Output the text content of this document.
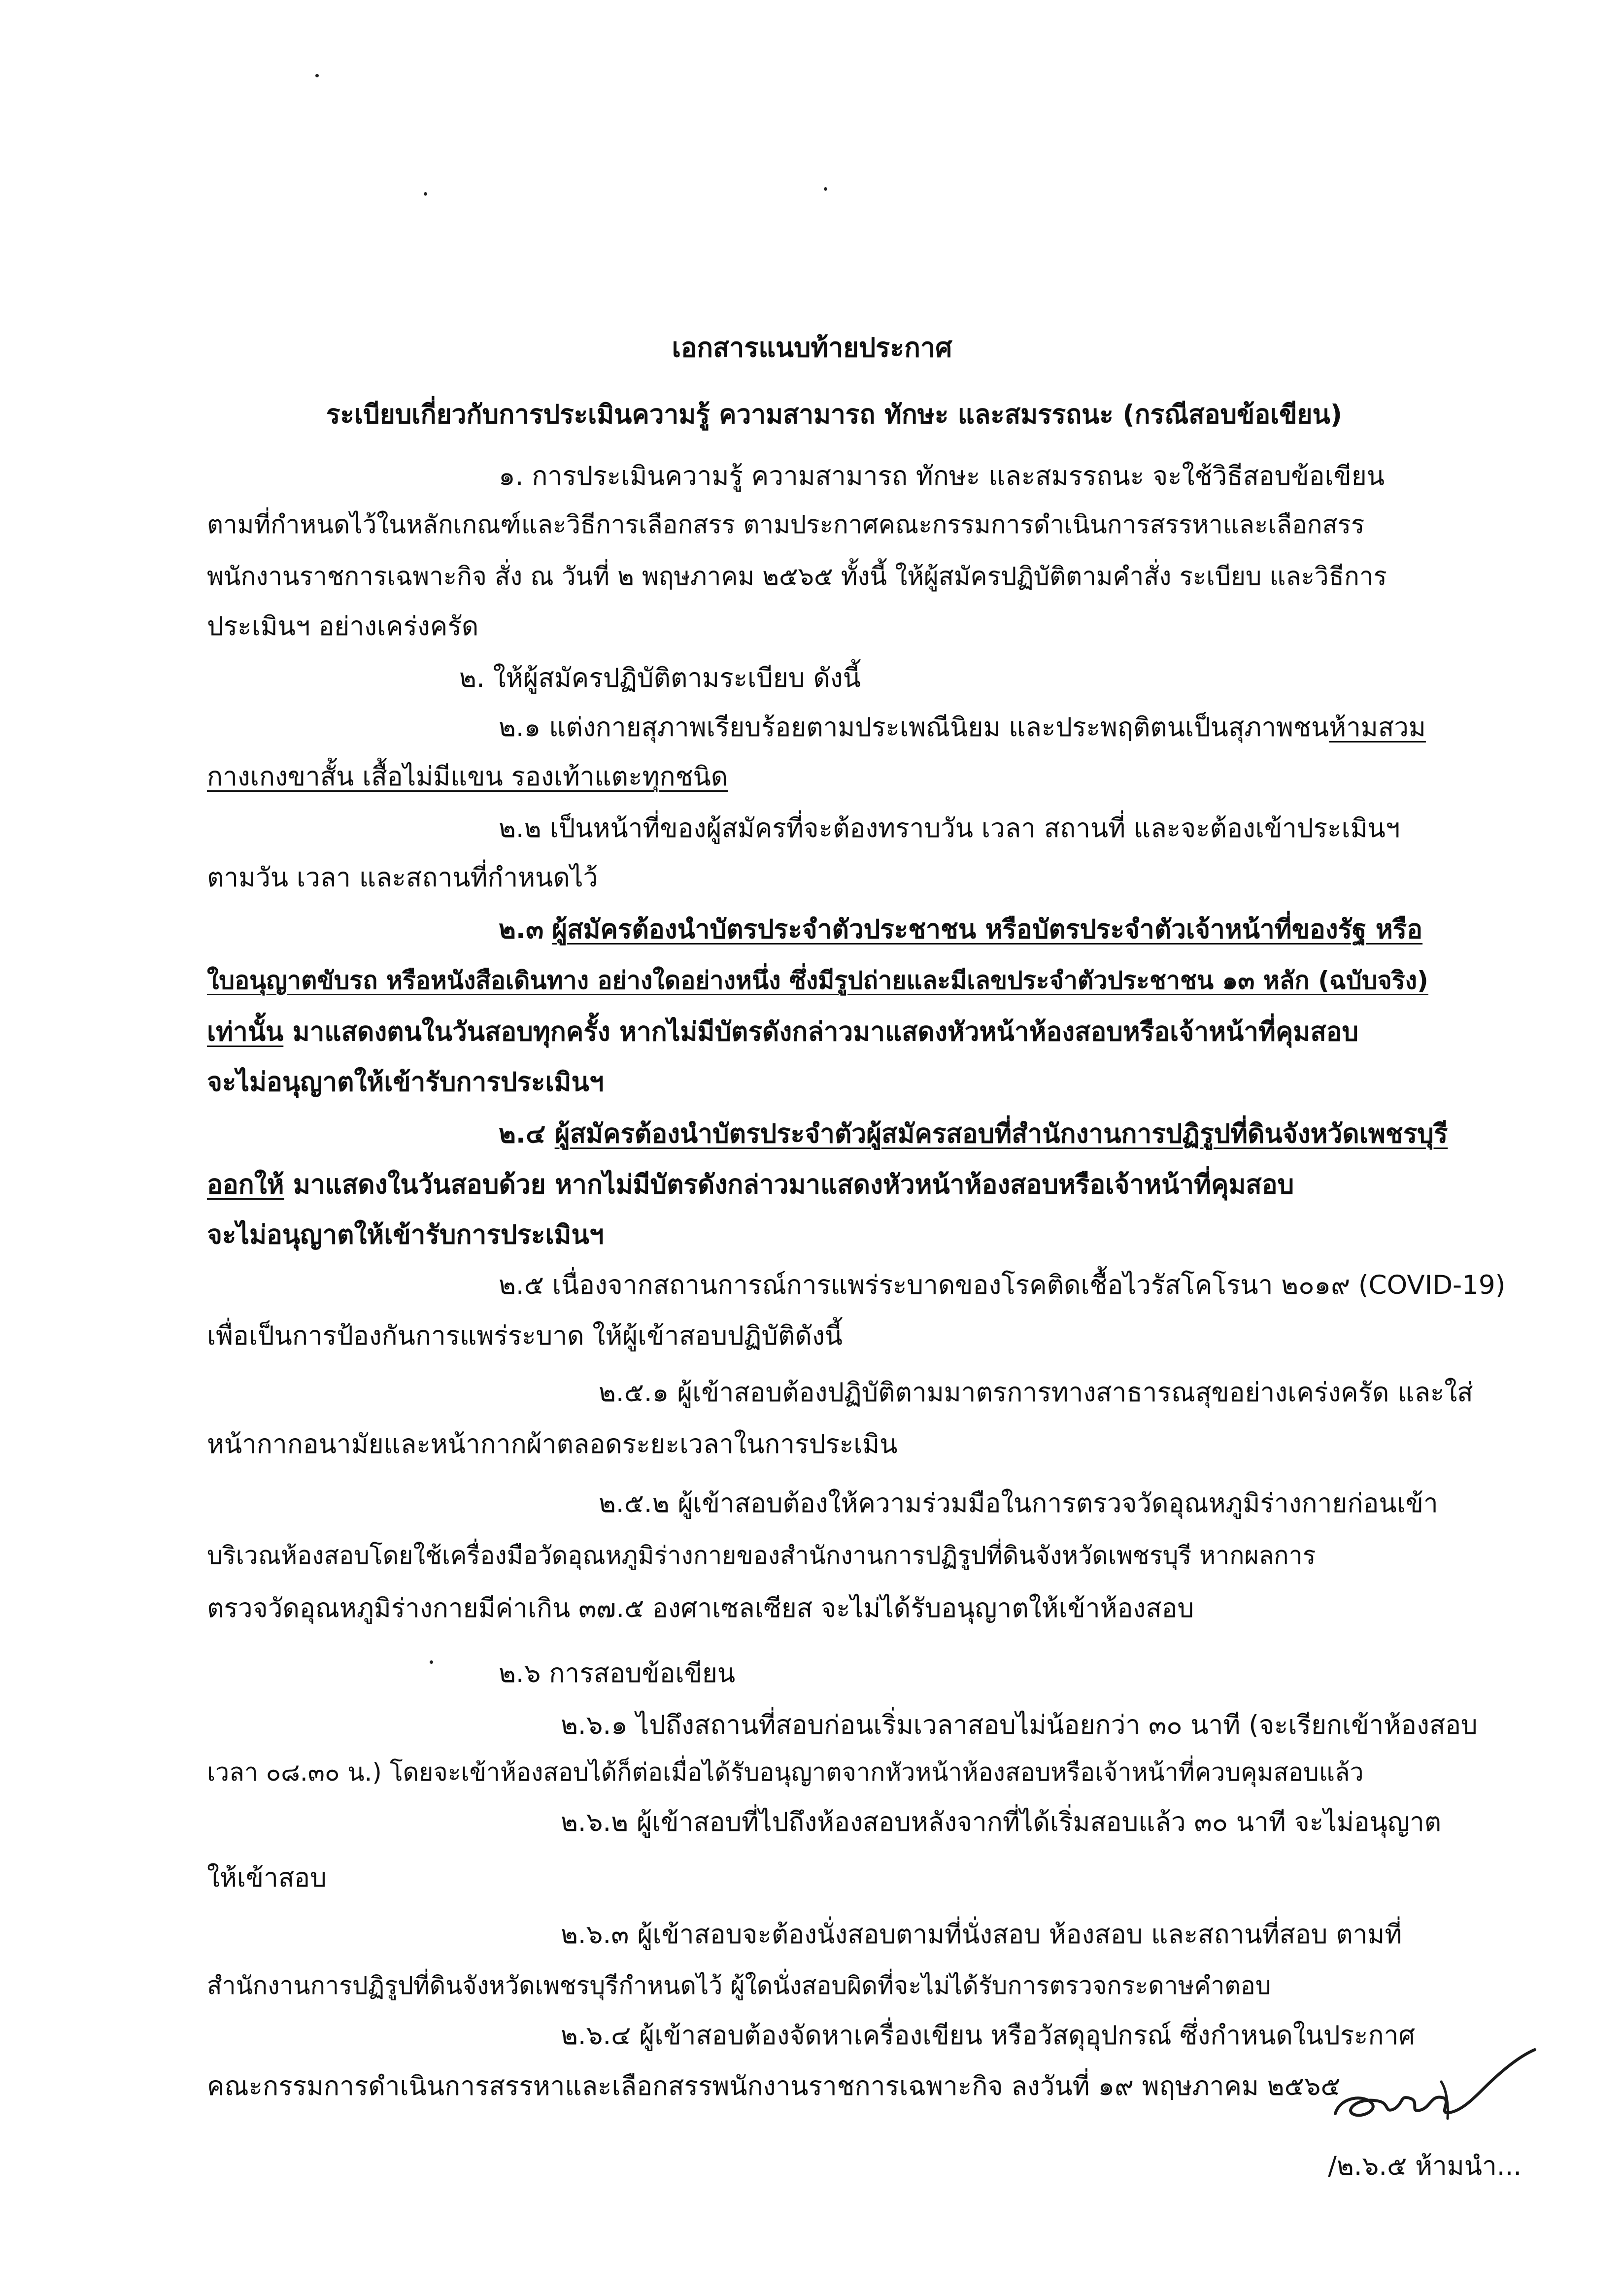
เอกสารแนบท้ายประกาศ
ระเบียบเกี่ยวกับการประเมินความรู้ ความสามารถ ทักษะ และสมรรถนะ (กรณีสอบข้อเขียน)
๑. การประเมินความรู้ ความสามารถ ทักษะ และสมรรถนะ จะใช้วิธีสอบข้อเขียน
ตามที่กำหนดไว้ในหลักเกณฑ์และวิธีการเลือกสรร ตามประกาศคณะกรรมการดำเนินการสรรหาและเลือกสรร
พนักงานราชการเฉพาะกิจ สั่ง ณ วันที่ ๒ พฤษภาคม ๒๕๖๕ ทั้งนี้ ให้ผู้สมัครปฏิบัติตามคำสั่ง ระเบียบ และวิธีการ
ประเมินฯ อย่างเคร่งครัด
๒. ให้ผู้สมัครปฏิบัติตามระเบียบ ดังนี้
๒.๑ แต่งกายสุภาพเรียบร้อยตามประเพณีนิยม และประพฤติตนเป็นสุภาพชนห้ามสวม
กางเกงขาสั้น เสื้อไม่มีแขน รองเท้าแตะทุกชนิด
๒.๒ เป็นหน้าที่ของผู้สมัครที่จะต้องทราบวัน เวลา สถานที่ และจะต้องเข้าประเมินฯ
ตามวัน เวลา และสถานที่กำหนดไว้
๒.๓ ผู้สมัครต้องนำบัตรประจำตัวประชาชน หรือบัตรประจำตัวเจ้าหน้าที่ของรัฐ หรือ
ใบอนุญาตขับรถ หรือหนังสือเดินทาง อย่างใดอย่างหนึ่ง ซึ่งมีรูปถ่ายและมีเลขประจำตัวประชาชน ๑๓ หลัก (ฉบับจริง)
เท่านั้น มาแสดงตนในวันสอบทุกครั้ง หากไม่มีบัตรดังกล่าวมาแสดงหัวหน้าห้องสอบหรือเจ้าหน้าที่คุมสอบ
จะไม่อนุญาตให้เข้ารับการประเมินฯ
๒.๔ ผู้สมัครต้องนำบัตรประจำตัวผู้สมัครสอบที่สำนักงานการปฏิรูปที่ดินจังหวัดเพชรบุรี
ออกให้ มาแสดงในวันสอบด้วย หากไม่มีบัตรดังกล่าวมาแสดงหัวหน้าห้องสอบหรือเจ้าหน้าที่คุมสอบ
จะไม่อนุญาตให้เข้ารับการประเมินฯ
๒.๕ เนื่องจากสถานการณ์การแพร่ระบาดของโรคติดเชื้อไวรัสโคโรนา ๒๐๑๙ (COVID-19)
เพื่อเป็นการป้องกันการแพร่ระบาด ให้ผู้เข้าสอบปฏิบัติดังนี้
๒.๕.๑ ผู้เข้าสอบต้องปฏิบัติตามมาตรการทางสาธารณสุขอย่างเคร่งครัด และใส่
หน้ากากอนามัยและหน้ากากผ้าตลอดระยะเวลาในการประเมิน
๒.๕.๒ ผู้เข้าสอบต้องให้ความร่วมมือในการตรวจวัดอุณหภูมิร่างกายก่อนเข้า
บริเวณห้องสอบโดยใช้เครื่องมือวัดอุณหภูมิร่างกายของสำนักงานการปฏิรูปที่ดินจังหวัดเพชรบุรี หากผลการ
ตรวจวัดอุณหภูมิร่างกายมีค่าเกิน ๓๗.๕ องศาเซลเซียส จะไม่ได้รับอนุญาตให้เข้าห้องสอบ
๒.๖ การสอบข้อเขียน
๒.๖.๑ ไปถึงสถานที่สอบก่อนเริ่มเวลาสอบไม่น้อยกว่า ๓๐ นาที (จะเรียกเข้าห้องสอบ
เวลา ๐๘.๓๐ น.) โดยจะเข้าห้องสอบได้ก็ต่อเมื่อได้รับอนุญาตจากหัวหน้าห้องสอบหรือเจ้าหน้าที่ควบคุมสอบแล้ว
๒.๖.๒ ผู้เข้าสอบที่ไปถึงห้องสอบหลังจากที่ได้เริ่มสอบแล้ว ๓๐ นาที จะไม่อนุญาต
ให้เข้าสอบ
๒.๖.๓ ผู้เข้าสอบจะต้องนั่งสอบตามที่นั่งสอบ ห้องสอบ และสถานที่สอบ ตามที่
สำนักงานการปฏิรูปที่ดินจังหวัดเพชรบุรีกำหนดไว้ ผู้ใดนั่งสอบผิดที่จะไม่ได้รับการตรวจกระดาษคำตอบ
๒.๖.๔ ผู้เข้าสอบต้องจัดหาเครื่องเขียน หรือวัสดุอุปกรณ์ ซึ่งกำหนดในประกาศ
คณะกรรมการดำเนินการสรรหาและเลือกสรรพนักงานราชการเฉพาะกิจ ลงวันที่ ๑๙ พฤษภาคม ๒๕๖๕
/๒.๖.๕ ห้ามนำ...
